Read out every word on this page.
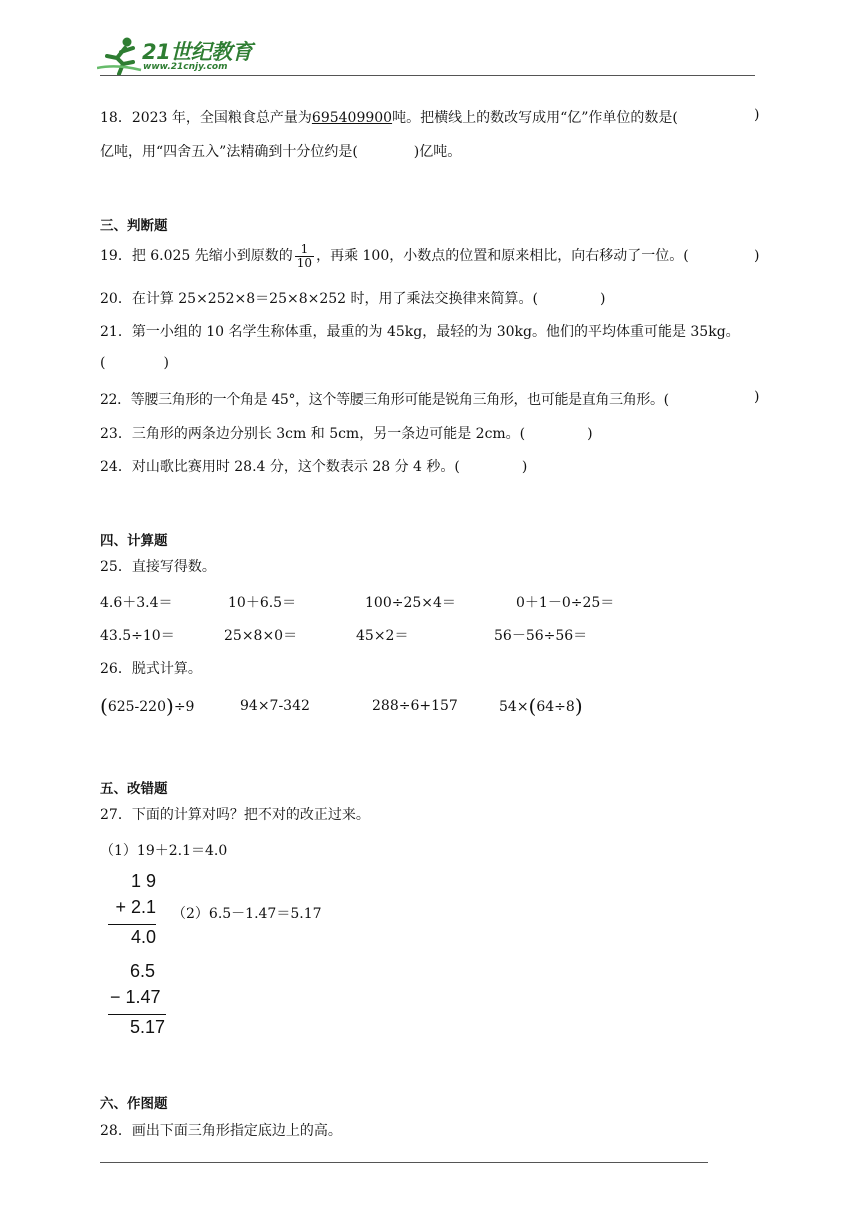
21世纪教育
www.21cnjy.com
18．2023 年，全国粮食总产量为695409900吨。把横线上的数改写成用“亿”作单位的数是(	)
亿吨，用“四舍五入”法精确到十分位约是(	)亿吨。
三、判断题
19．把 6.025 先缩小到原数的 $\frac{1}{10}$ ，再乘 100，小数点的位置和原来相比，向右移动了一位。(	)
20．在计算 25×252×8＝25×8×252 时，用了乘法交换律来简算。(	)
21．第一小组的 10 名学生称体重，最重的为 45kg，最轻的为 30kg。他们的平均体重可能是 35kg。
(	)
22．等腰三角形的一个角是 45°，这个等腰三角形可能是锐角三角形，也可能是直角三角形。(	)
23．三角形的两条边分别长 3cm 和 5cm，另一条边可能是 2cm。(	)
24．对山歌比赛用时 28.4 分，这个数表示 28 分 4 秒。(	)
四、计算题
25．直接写得数。
4.6＋3.4＝	10＋6.5＝	100÷25×4＝	0＋1－0÷25＝
43.5÷10＝	25×8×0＝	45×2＝	56－56÷56＝
26．脱式计算。
(625-220)÷9	94×7-342	288÷6+157	54×(64÷8)
五、改错题
27．下面的计算对吗？把不对的改正过来。
（1）19＋2.1＝4.0
1 9
+ 2.1
4.0
（2）6.5－1.47＝5.17
6.5
− 1.47
5.17
六、作图题
28．画出下面三角形指定底边上的高。
